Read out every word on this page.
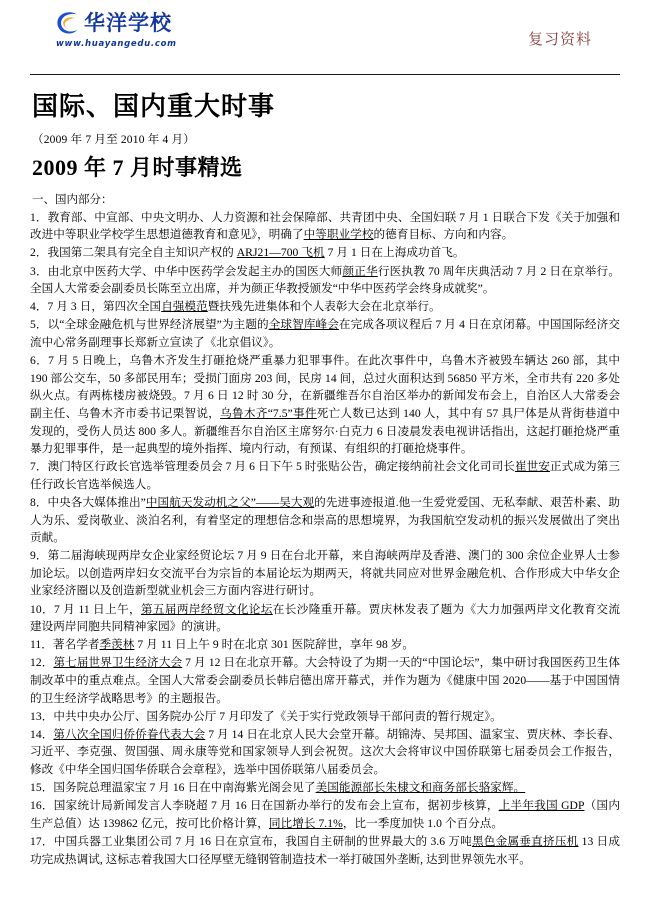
华洋学校
www.huayangedu.com	复习资料
国际、国内重大时事
（2009 年 7 月至 2010 年 4 月）
2009 年 7 月时事精选
一、国内部分：
1．教育部、中宣部、中央文明办、人力资源和社会保障部、共青团中央、全国妇联 7 月 1 日联合下发《关于加强和改进中等职业学校学生思想道德教育和意见》，明确了中等职业学校的德育目标、方向和内容。
2．我国第二架具有完全自主知识产权的 ARJ21—700 飞机 7 月 1 日在上海成功首飞。
3．由北京中医药大学、中华中医药学会发起主办的国医大师颜正华行医执教 70 周年庆典活动 7 月 2 日在京举行。全国人大常委会副委员长陈至立出席，并为颜正华教授颁发“中华中医药学会终身成就奖”。
4．7 月 3 日，第四次全国自强模范暨扶残先进集体和个人表彰大会在北京举行。
5．以“全球金融危机与世界经济展望”为主题的全球智库峰会在完成各项议程后 7 月 4 日在京闭幕。中国国际经济交流中心常务副理事长郑新立宣读了《北京倡议》。
6．7 月 5 日晚上，乌鲁木齐发生打砸抢烧严重暴力犯罪事件。在此次事件中，乌鲁木齐被毁车辆达 260 部，其中 190 部公交车，50 多部民用车；受损门面房 203 间，民房 14 间，总过火面积达到 56850 平方米，全市共有 220 多处纵火点。有两栋楼房被烧毁。7 月 6 日 12 时 30 分，在新疆维吾尔自治区举办的新闻发布会上，自治区人大常委会副主任、乌鲁木齐市委书记栗智说，乌鲁木齐“7.5”事件死亡人数已达到 140 人，其中有 57 具尸体是从背街巷道中发现的，受伤人员达 800 多人。新疆维吾尔自治区主席努尔·白克力 6 日凌晨发表电视讲话指出，这起打砸抢烧严重暴力犯罪事件，是一起典型的境外指挥、境内行动，有预谋、有组织的打砸抢烧事件。
7．澳门特区行政长官选举管理委员会 7 月 6 日下午 5 时张贴公告，确定接纳前社会文化司司长崔世安正式成为第三任行政长官选举候选人。
8．中央各大媒体推出”中国航天发动机之父”——吴大观的先进事迹报道.他一生爱党爱国、无私奉献、艰苦朴素、助人为乐、爱岗敬业、淡泊名利，有着坚定的理想信念和崇高的思想境界，为我国航空发动机的振兴发展做出了突出贡献。
9．第二届海峡现两岸女企业家经贸论坛 7 月 9 日在台北开幕，来自海峡两岸及香港、澳门的 300 余位企业界人士参加论坛。以创造两岸妇女交流平台为宗旨的本届论坛为期两天，将就共同应对世界金融危机、合作形成大中华女企业家经济圈以及创造新型就业机会三方面内容进行研讨。
10．7 月 11 日上午，第五届两岸经贸文化论坛在长沙隆重开幕。贾庆林发表了题为《大力加强两岸文化教育交流　建设两岸同胞共同精神家园》的演讲。
11．著名学者季羡林 7 月 11 日上午 9 时在北京 301 医院辞世，享年 98 岁。
12．第七届世界卫生经济大会 7 月 12 日在北京开幕。大会特设了为期一天的“中国论坛”，集中研讨我国医药卫生体制改革中的重点难点。全国人大常委会副委员长韩启德出席开幕式，并作为题为《健康中国 2020——基于中国国情的卫生经济学战略思考》的主题报告。
13．中共中央办公厅、国务院办公厅 7 月印发了《关于实行党政领导干部问责的暂行规定》。
14．第八次全国归侨侨眷代表大会 7 月 14 日在北京人民大会堂开幕。胡锦涛、吴邦国、温家宝、贾庆林、李长春、习近平、李克强、贺国强、周永康等党和国家领导人到会祝贺。这次大会将审议中国侨联第七届委员会工作报告，修改《中华全国归国华侨联合会章程》，选举中国侨联第八届委员会。
15．国务院总理温家宝 7 月 16 日在中南海紫光阁会见了美国能源部长朱棣文和商务部长骆家辉。
16．国家统计局新闻发言人李晓超 7 月 16 日在国新办举行的发布会上宣布，据初步核算，上半年我国 GDP（国内生产总值）达 139862 亿元，按可比价格计算，同比增长 7.1%，比一季度加快 1.0 个百分点。
17．中国兵器工业集团公司 7 月 16 日在京宣布，我国自主研制的世界最大的 3.6 万吨黑色金属垂直挤压机 13 日成功完成热调试, 这标志着我国大口径厚壁无缝钢管制造技术一举打破国外垄断, 达到世界领先水平。
